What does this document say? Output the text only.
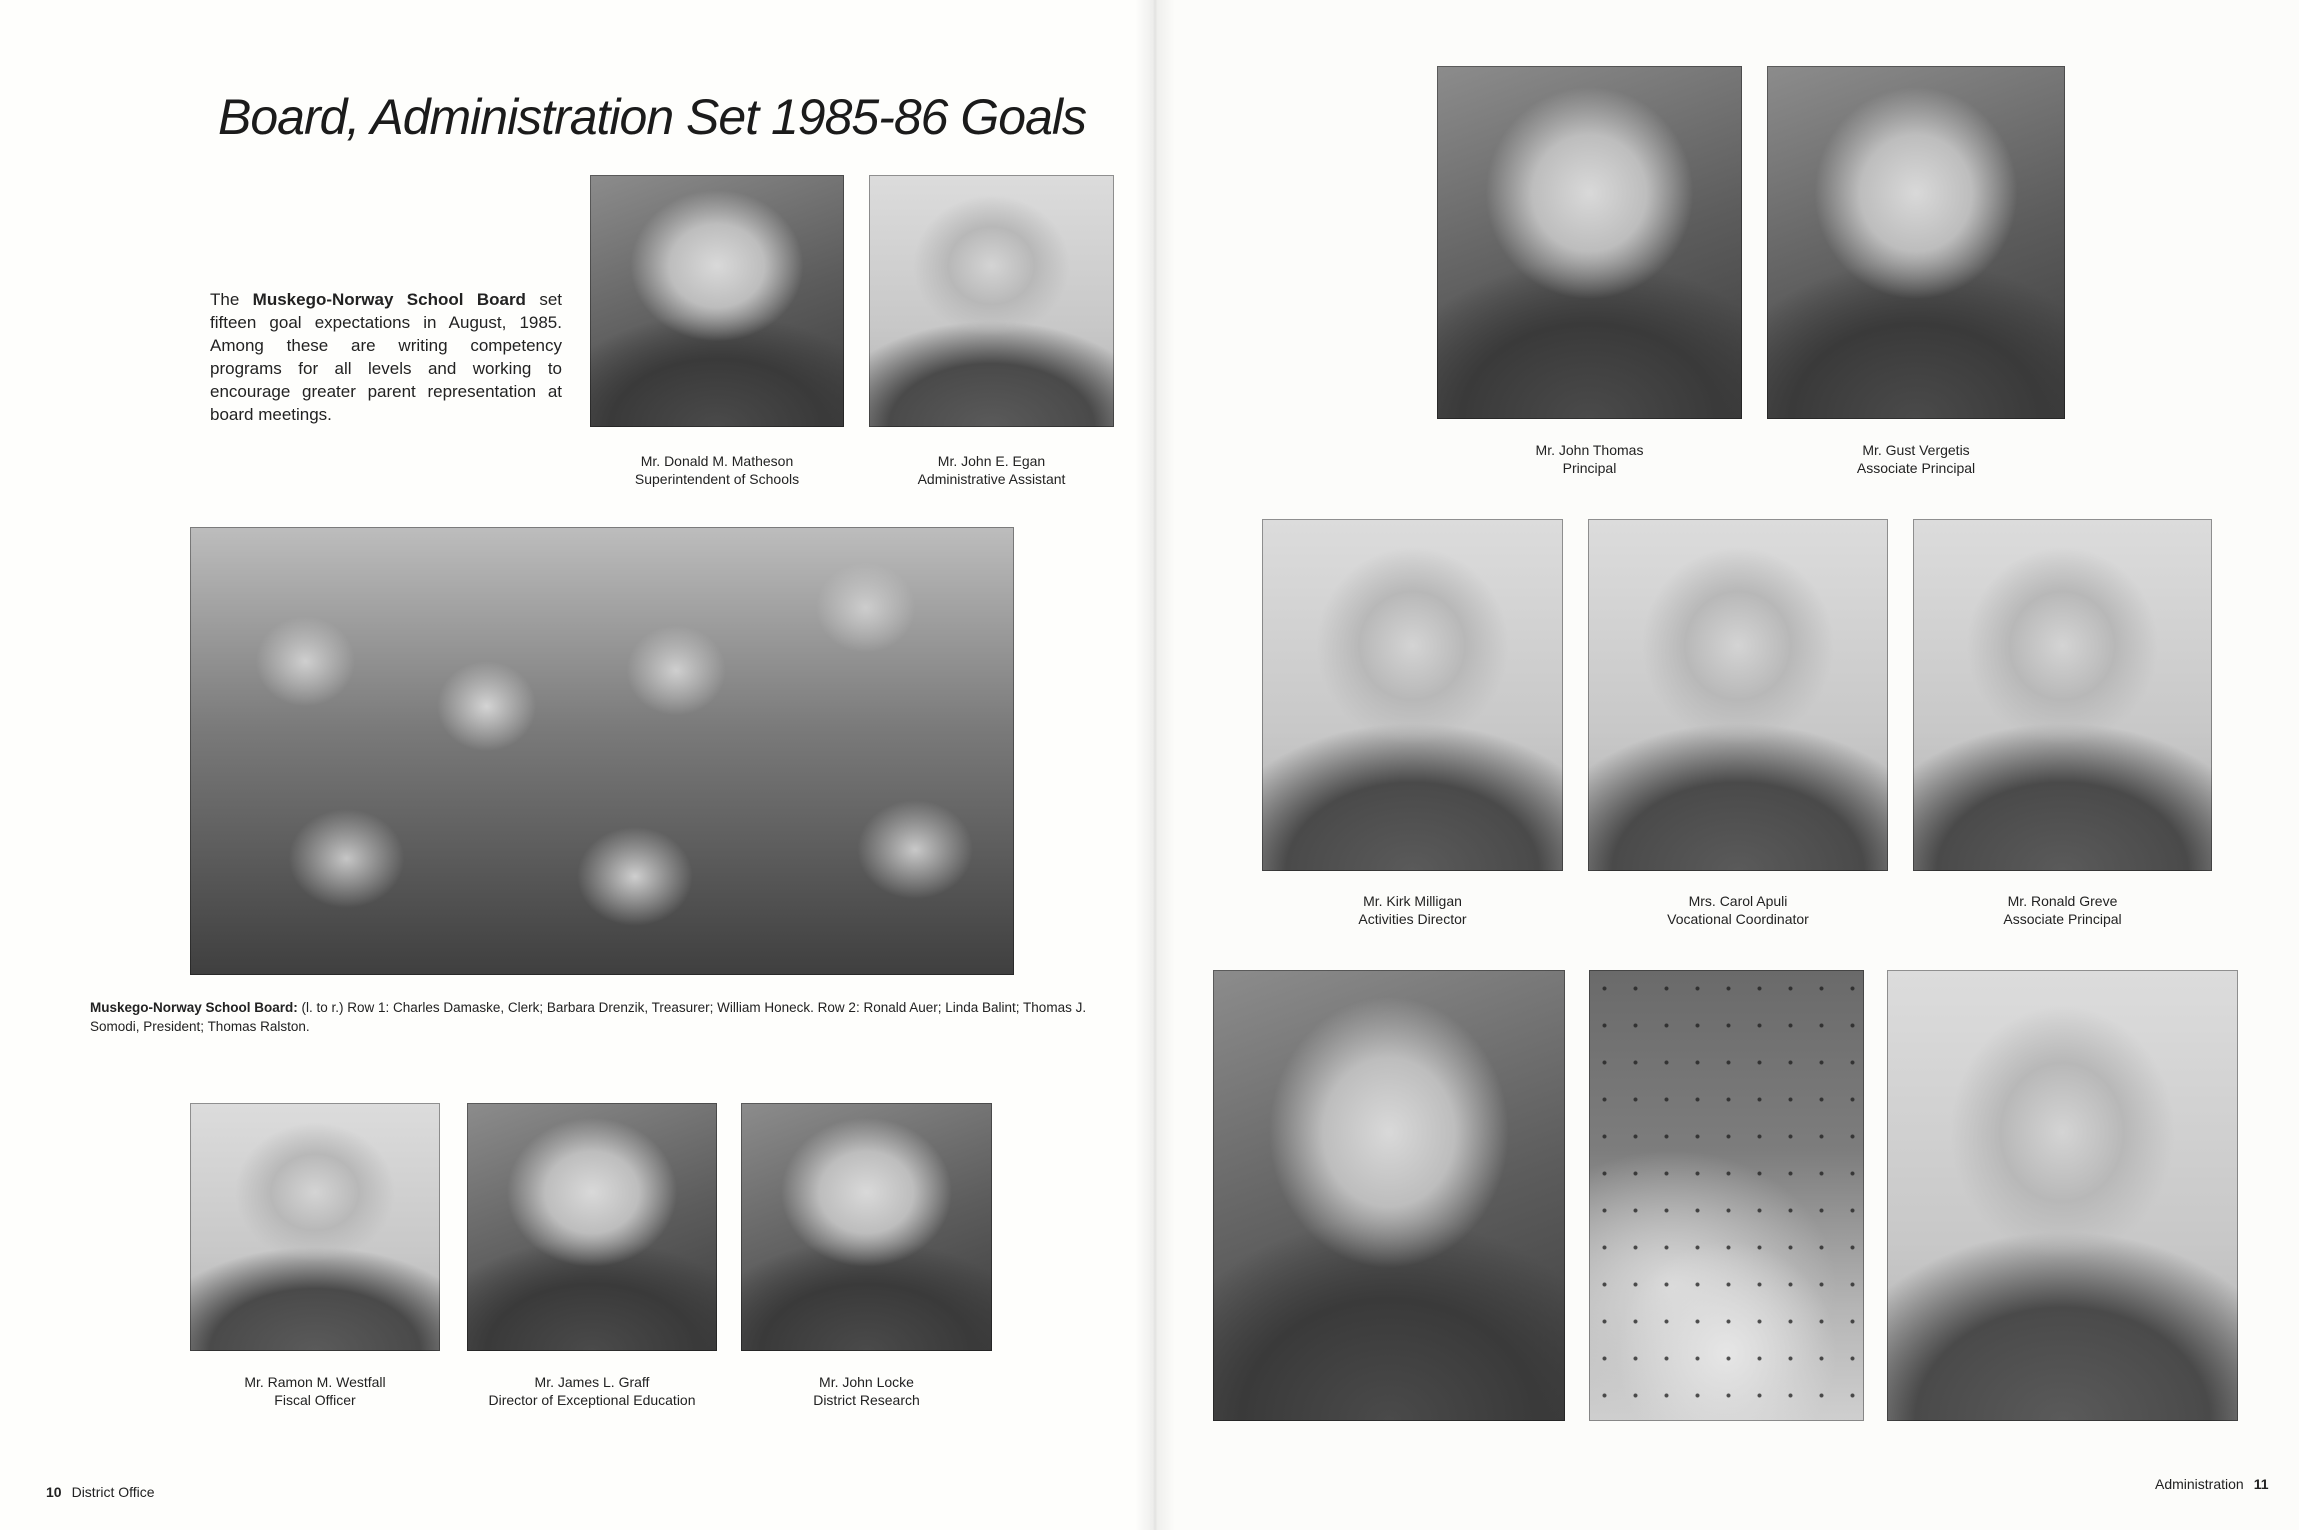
Board, Administration Set 1985-86 Goals
The Muskego-Norway School Board set fifteen goal expectations in August, 1985. Among these are writing competency programs for all levels and working to encourage greater parent representation at board meetings.
Mr. Donald M. Matheson
Superintendent of Schools
Mr. John E. Egan
Administrative Assistant
Muskego-Norway School Board: (l. to r.) Row 1: Charles Damaske, Clerk; Barbara Drenzik, Treasurer; William Honeck. Row 2: Ronald Auer; Linda Balint; Thomas J. Somodi, President; Thomas Ralston.
Mr. Ramon M. Westfall
Fiscal Officer
Mr. James L. Graff
Director of Exceptional Education
Mr. John Locke
District Research
10 District Office
Mr. John Thomas
Principal
Mr. Gust Vergetis
Associate Principal
Mr. Kirk Milligan
Activities Director
Mrs. Carol Apuli
Vocational Coordinator
Mr. Ronald Greve
Associate Principal
Administration 11
